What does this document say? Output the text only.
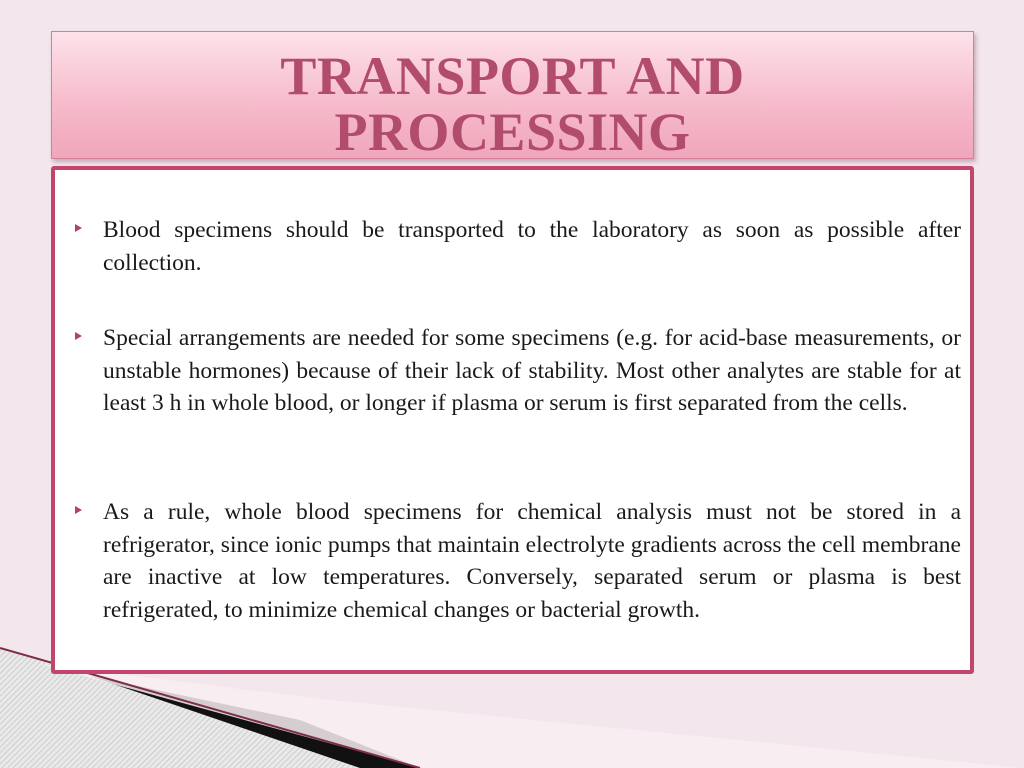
TRANSPORT AND
PROCESSING
Blood specimens should be transported to the laboratory as soon as possible after collection.
Special arrangements are needed for some specimens (e.g. for acid-base measurements, or unstable hormones) because of their lack of stability. Most other analytes are stable for at least 3 h in whole blood, or longer if plasma or serum is first separated from the cells.
As a rule, whole blood specimens for chemical analysis must not be stored in a refrigerator, since ionic pumps that maintain electrolyte gradients across the cell membrane are inactive at low temperatures. Conversely, separated serum or plasma is best refrigerated, to minimize chemical changes or bacterial growth.
